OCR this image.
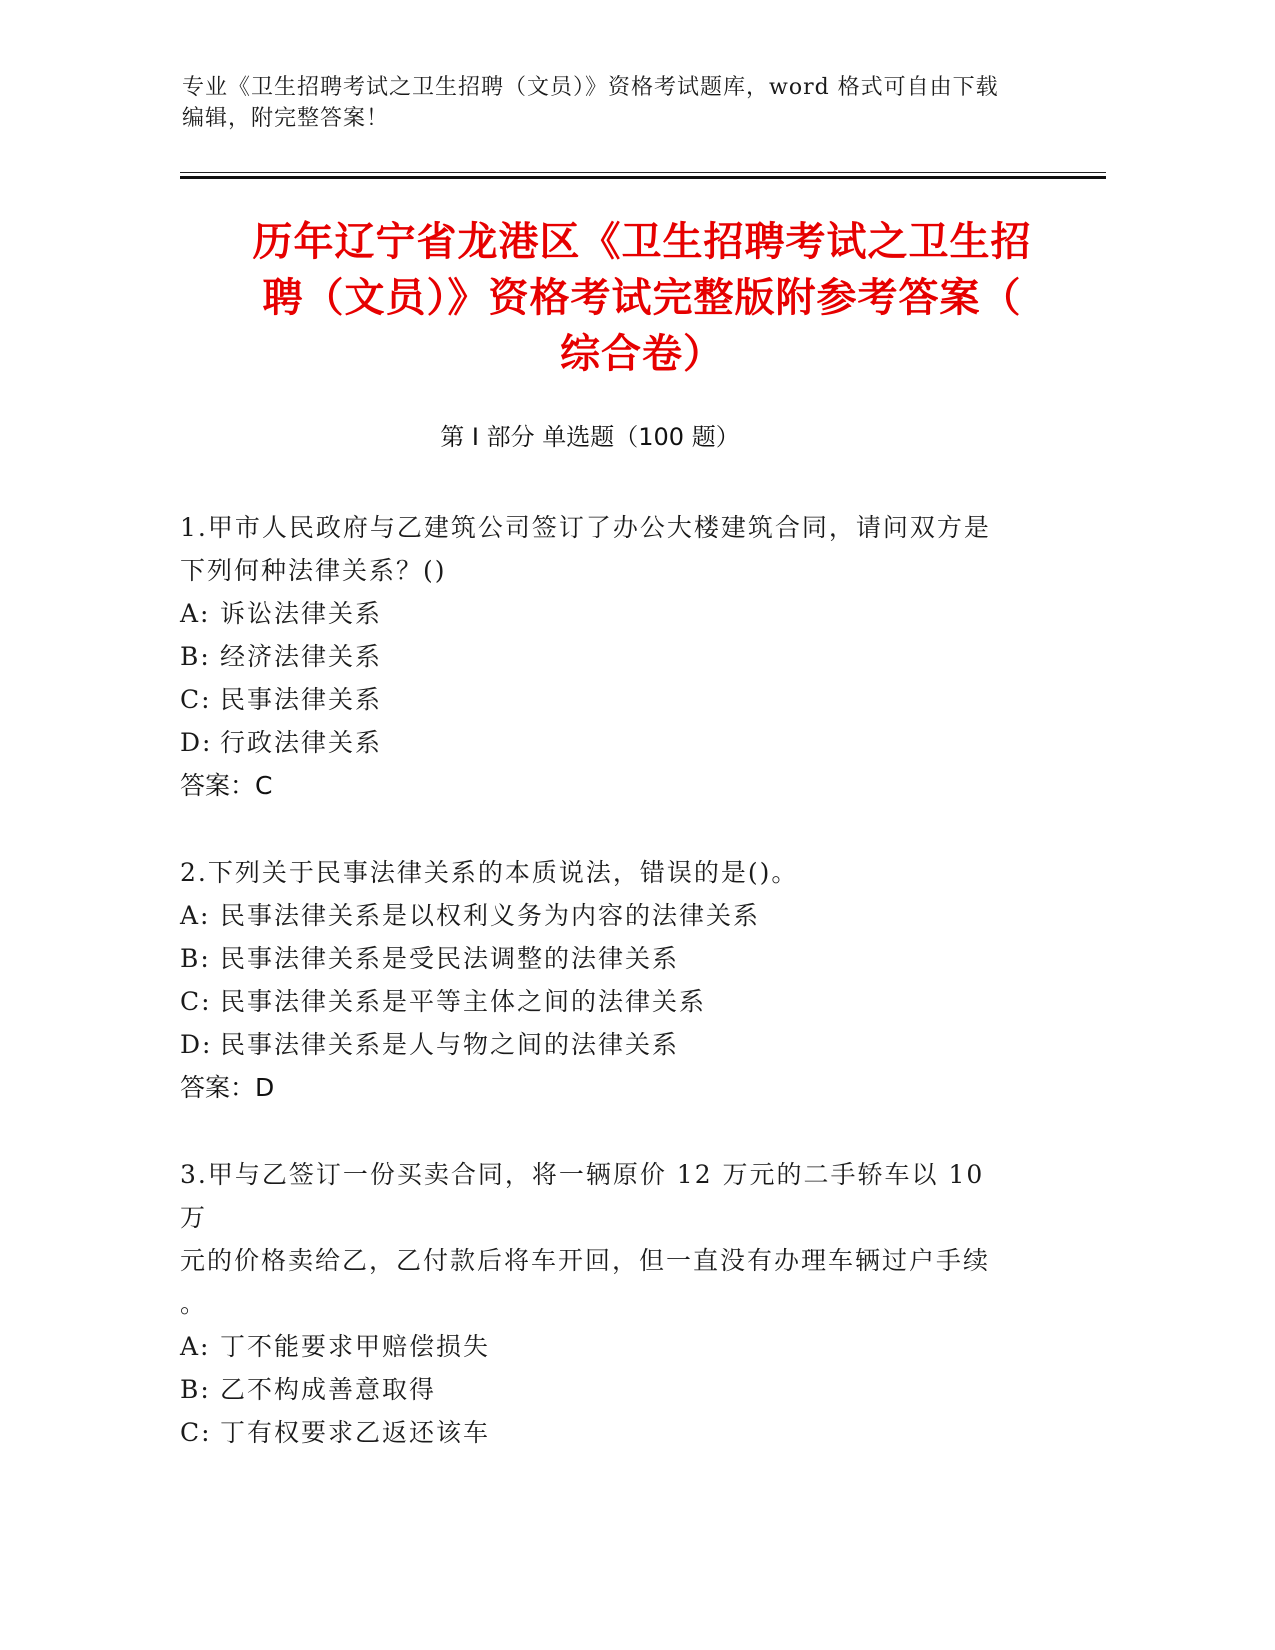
专业《卫生招聘考试之卫生招聘（文员）》资格考试题库，word 格式可自由下载
编辑，附完整答案！
历年辽宁省龙港区《卫生招聘考试之卫生招
聘（文员）》资格考试完整版附参考答案（
综合卷）
第 I 部分 单选题（100 题）
1.甲市人民政府与乙建筑公司签订了办公大楼建筑合同，请问双方是
下列何种法律关系？()
A: 诉讼法律关系
B: 经济法律关系
C: 民事法律关系
D: 行政法律关系
答案：C
2.下列关于民事法律关系的本质说法，错误的是()。
A: 民事法律关系是以权利义务为内容的法律关系
B: 民事法律关系是受民法调整的法律关系
C: 民事法律关系是平等主体之间的法律关系
D: 民事法律关系是人与物之间的法律关系
答案：D
3.甲与乙签订一份买卖合同，将一辆原价 12 万元的二手轿车以 10 万
元的价格卖给乙，乙付款后将车开回，但一直没有办理车辆过户手续
。
A: 丁不能要求甲赔偿损失
B: 乙不构成善意取得
C: 丁有权要求乙返还该车
